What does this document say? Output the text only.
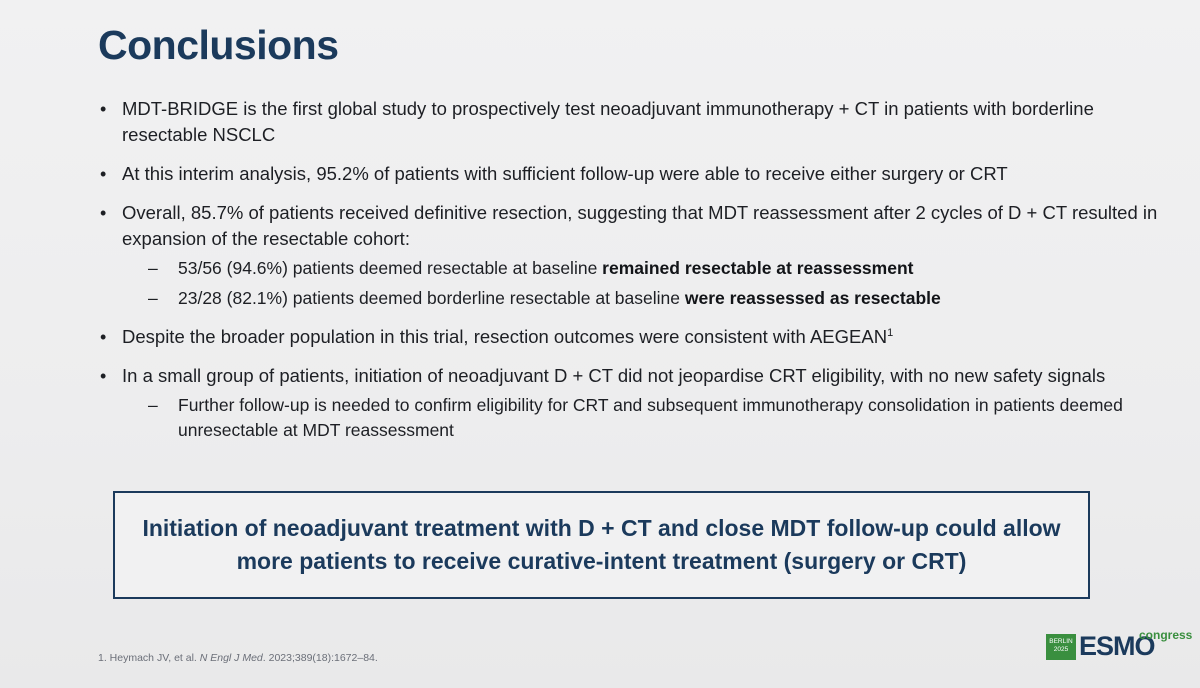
Conclusions
• MDT-BRIDGE is the first global study to prospectively test neoadjuvant immunotherapy + CT in patients with borderline resectable NSCLC
• At this interim analysis, 95.2% of patients with sufficient follow-up were able to receive either surgery or CRT
• Overall, 85.7% of patients received definitive resection, suggesting that MDT reassessment after 2 cycles of D + CT resulted in expansion of the resectable cohort:
– 53/56 (94.6%) patients deemed resectable at baseline remained resectable at reassessment
– 23/28 (82.1%) patients deemed borderline resectable at baseline were reassessed as resectable
• Despite the broader population in this trial, resection outcomes were consistent with AEGEAN$^1$
• In a small group of patients, initiation of neoadjuvant D + CT did not jeopardise CRT eligibility, with no new safety signals
– Further follow-up is needed to confirm eligibility for CRT and subsequent immunotherapy consolidation in patients deemed unresectable at MDT reassessment
Initiation of neoadjuvant treatment with D + CT and close MDT follow-up could allow more patients to receive curative-intent treatment (surgery or CRT)
1. Heymach JV, et al. N Engl J Med. 2023;389(18):1672–84.
BERLIN
2025 ESMO
congress
